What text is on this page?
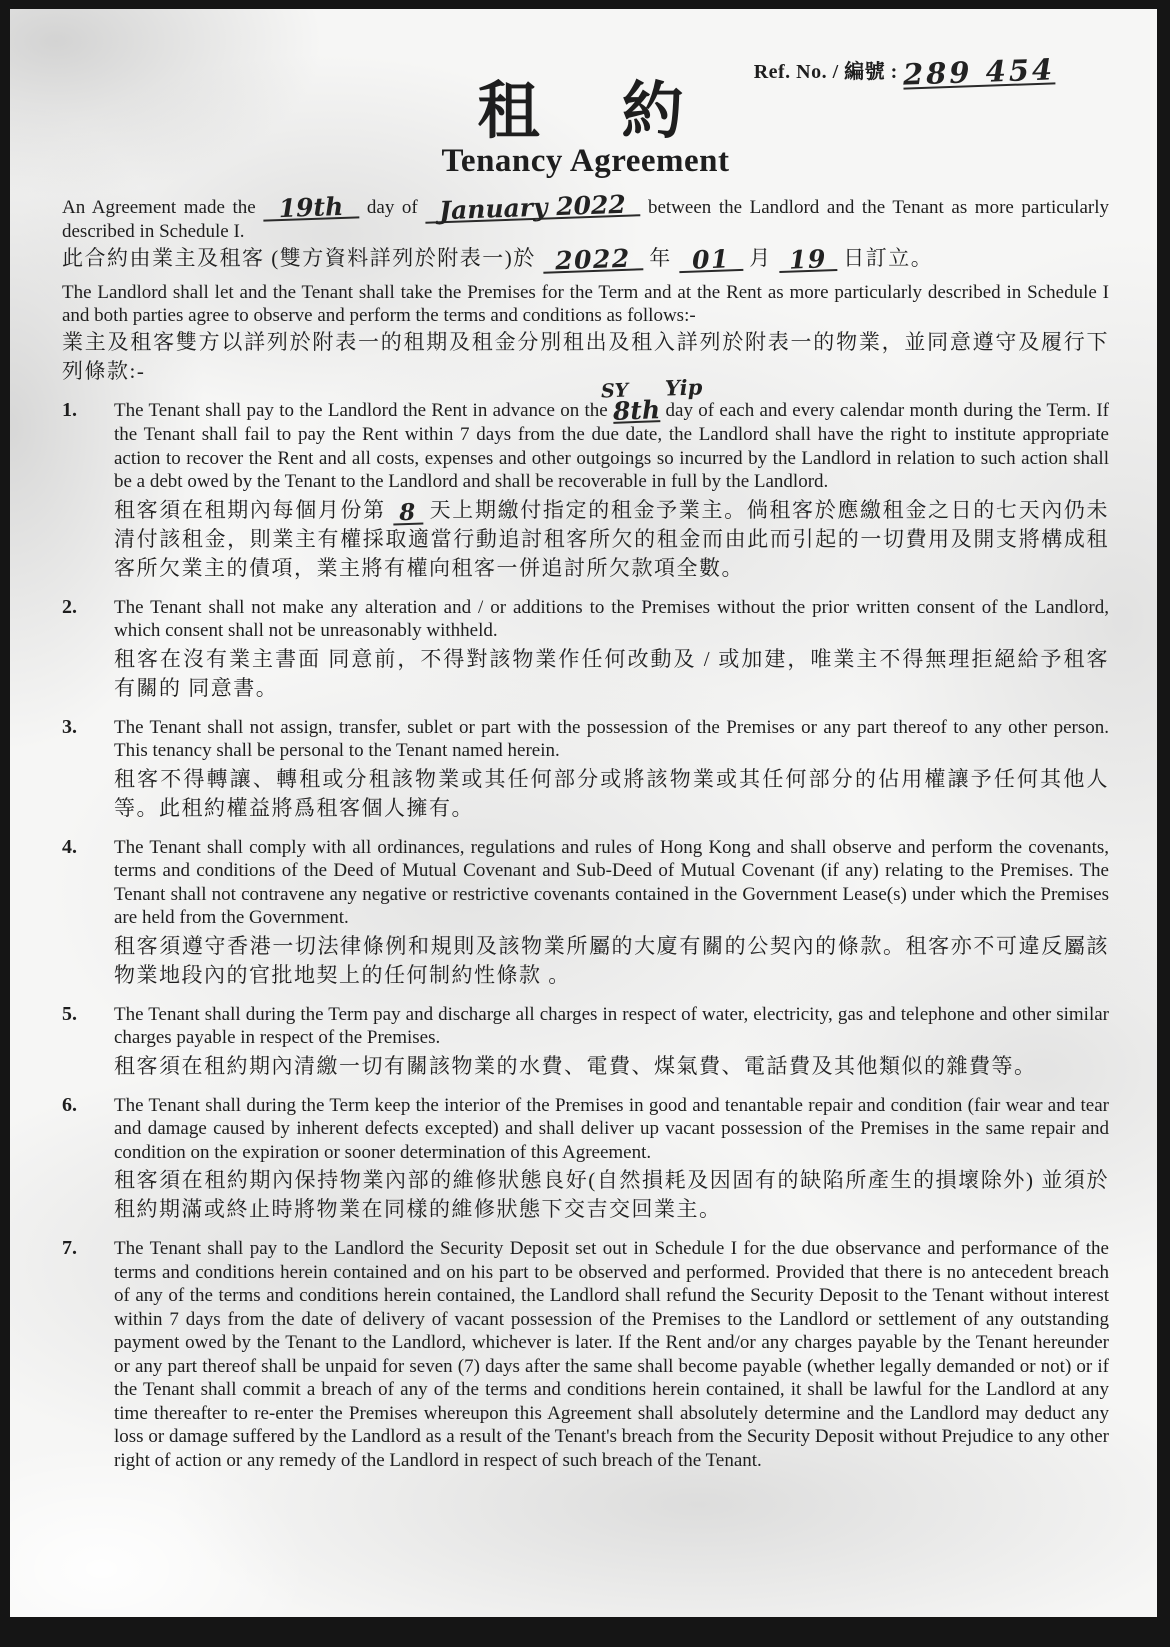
Ref. No. / 編號 : 289 454
租　約
Tenancy Agreement

An Agreement made the 19th day of January 2022 between the Landlord and the Tenant as more particularly described in Schedule I.

此合約由業主及租客 (雙方資料詳列於附表一)於 2022 年 01 月 19 日訂立。

The Landlord shall let and the Tenant shall take the Premises for the Term and at the Rent as more particularly described in Schedule I and both parties agree to observe and perform the terms and conditions as follows:-

業主及租客雙方以詳列於附表一的租期及租金分別租出及租入詳列於附表一的物業，並同意遵守及履行下列條款:-

1.	The Tenant shall pay to the Landlord the Rent in advance on the
SY Yip
8th day of each and every calendar month during the Term. If the Tenant shall fail to pay the Rent within 7 days from the due date, the Landlord shall have the right to institute appropriate action to recover the Rent and all costs, expenses and other outgoings so incurred by the Landlord in relation to such action shall be a debt owed by the Tenant to the Landlord and shall be recoverable in full by the Landlord.

租客須在租期內每個月份第 8 天上期繳付指定的租金予業主。倘租客於應繳租金之日的七天內仍未清付該租金，則業主有權採取適當行動追討租客所欠的租金而由此而引起的一切費用及開支將構成租客所欠業主的債項，業主將有權向租客一併追討所欠款項全數。

2.	The Tenant shall not make any alteration and / or additions to the Premises without the prior written consent of the Landlord, which consent shall not be unreasonably withheld.

租客在沒有業主書面 同意前，不得對該物業作任何改動及 / 或加建，唯業主不得無理拒絕給予租客有關的 同意書。

3.	The Tenant shall not assign, transfer, sublet or part with the possession of the Premises or any part thereof to any other person. This tenancy shall be personal to the Tenant named herein.

租客不得轉讓、轉租或分租該物業或其任何部分或將該物業或其任何部分的佔用權讓予任何其他人等。此租約權益將爲租客個人擁有。

4.	The Tenant shall comply with all ordinances, regulations and rules of Hong Kong and shall observe and perform the covenants, terms and conditions of the Deed of Mutual Covenant and Sub-Deed of Mutual Covenant (if any) relating to the Premises. The Tenant shall not contravene any negative or restrictive covenants contained in the Government Lease(s) under which the Premises are held from the Government.

租客須遵守香港一切法律條例和規則及該物業所屬的大廈有關的公契內的條款。租客亦不可違反屬該物業地段內的官批地契上的任何制約性條款 。

5.	The Tenant shall during the Term pay and discharge all charges in respect of water, electricity, gas and telephone and other similar charges payable in respect of the Premises.

租客須在租約期內清繳一切有關該物業的水費、電費、煤氣費、電話費及其他類似的雜費等。

6.	The Tenant shall during the Term keep the interior of the Premises in good and tenantable repair and condition (fair wear and tear and damage caused by inherent defects excepted) and shall deliver up vacant possession of the Premises in the same repair and condition on the expiration or sooner determination of this Agreement.

租客須在租約期內保持物業內部的維修狀態良好(自然損耗及因固有的缺陷所產生的損壞除外) 並須於租約期滿或終止時將物業在同樣的維修狀態下交吉交回業主。

7.	The Tenant shall pay to the Landlord the Security Deposit set out in Schedule I for the due observance and performance of the terms and conditions herein contained and on his part to be observed and performed. Provided that there is no antecedent breach of any of the terms and conditions herein contained, the Landlord shall refund the Security Deposit to the Tenant without interest within 7 days from the date of delivery of vacant possession of the Premises to the Landlord or settlement of any outstanding payment owed by the Tenant to the Landlord, whichever is later. If the Rent and/or any charges payable by the Tenant hereunder or any part thereof shall be unpaid for seven (7) days after the same shall become payable (whether legally demanded or not) or if the Tenant shall commit a breach of any of the terms and conditions herein contained, it shall be lawful for the Landlord at any time thereafter to re-enter the Premises whereupon this Agreement shall absolutely determine and the Landlord may deduct any loss or damage suffered by the Landlord as a result of the Tenant's breach from the Security Deposit without Prejudice to any other right of action or any remedy of the Landlord in respect of such breach of the Tenant.
